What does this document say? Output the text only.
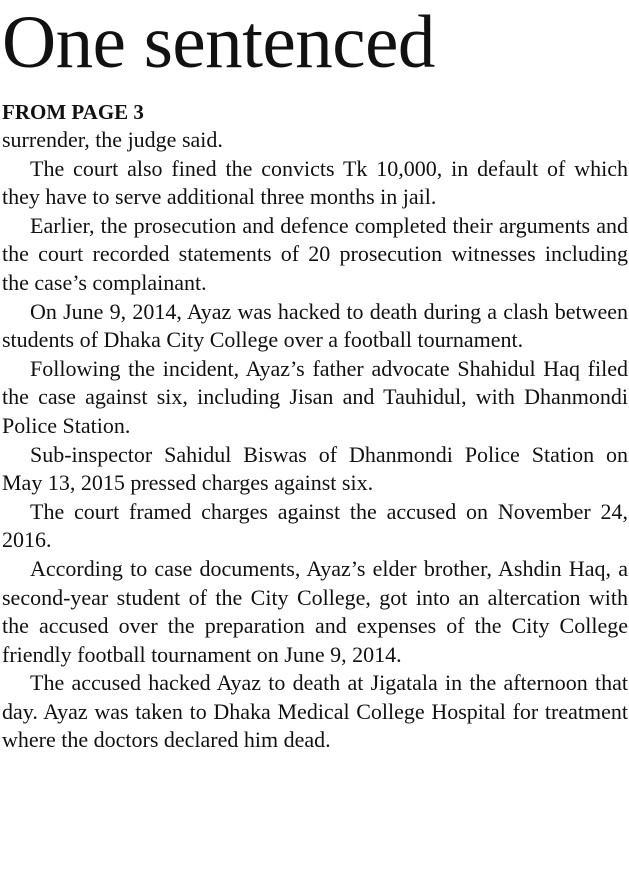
One sentenced
FROM PAGE 3

surrender, the judge said.

The court also fined the convicts Tk 10,000, in default of which they have to serve additional three months in jail.

Earlier, the prosecution and defence completed their arguments and the court recorded statements of 20 prosecution witnesses including the case’s complainant.

On June 9, 2014, Ayaz was hacked to death during a clash between students of Dhaka City College over a football tournament.

Following the incident, Ayaz’s father advocate Shahidul Haq filed the case against six, including Jisan and Tauhidul, with Dhanmondi Police Station.

Sub-inspector Sahidul Biswas of Dhanmondi Police Station on May 13, 2015 pressed charges against six.

The court framed charges against the accused on November 24, 2016.

According to case documents, Ayaz’s elder brother, Ashdin Haq, a second-year student of the City College, got into an altercation with the accused over the preparation and expenses of the City College friendly football tournament on June 9, 2014.

The accused hacked Ayaz to death at Jigatala in the afternoon that day. Ayaz was taken to Dhaka Medical College Hospital for treatment where the doctors declared him dead.
